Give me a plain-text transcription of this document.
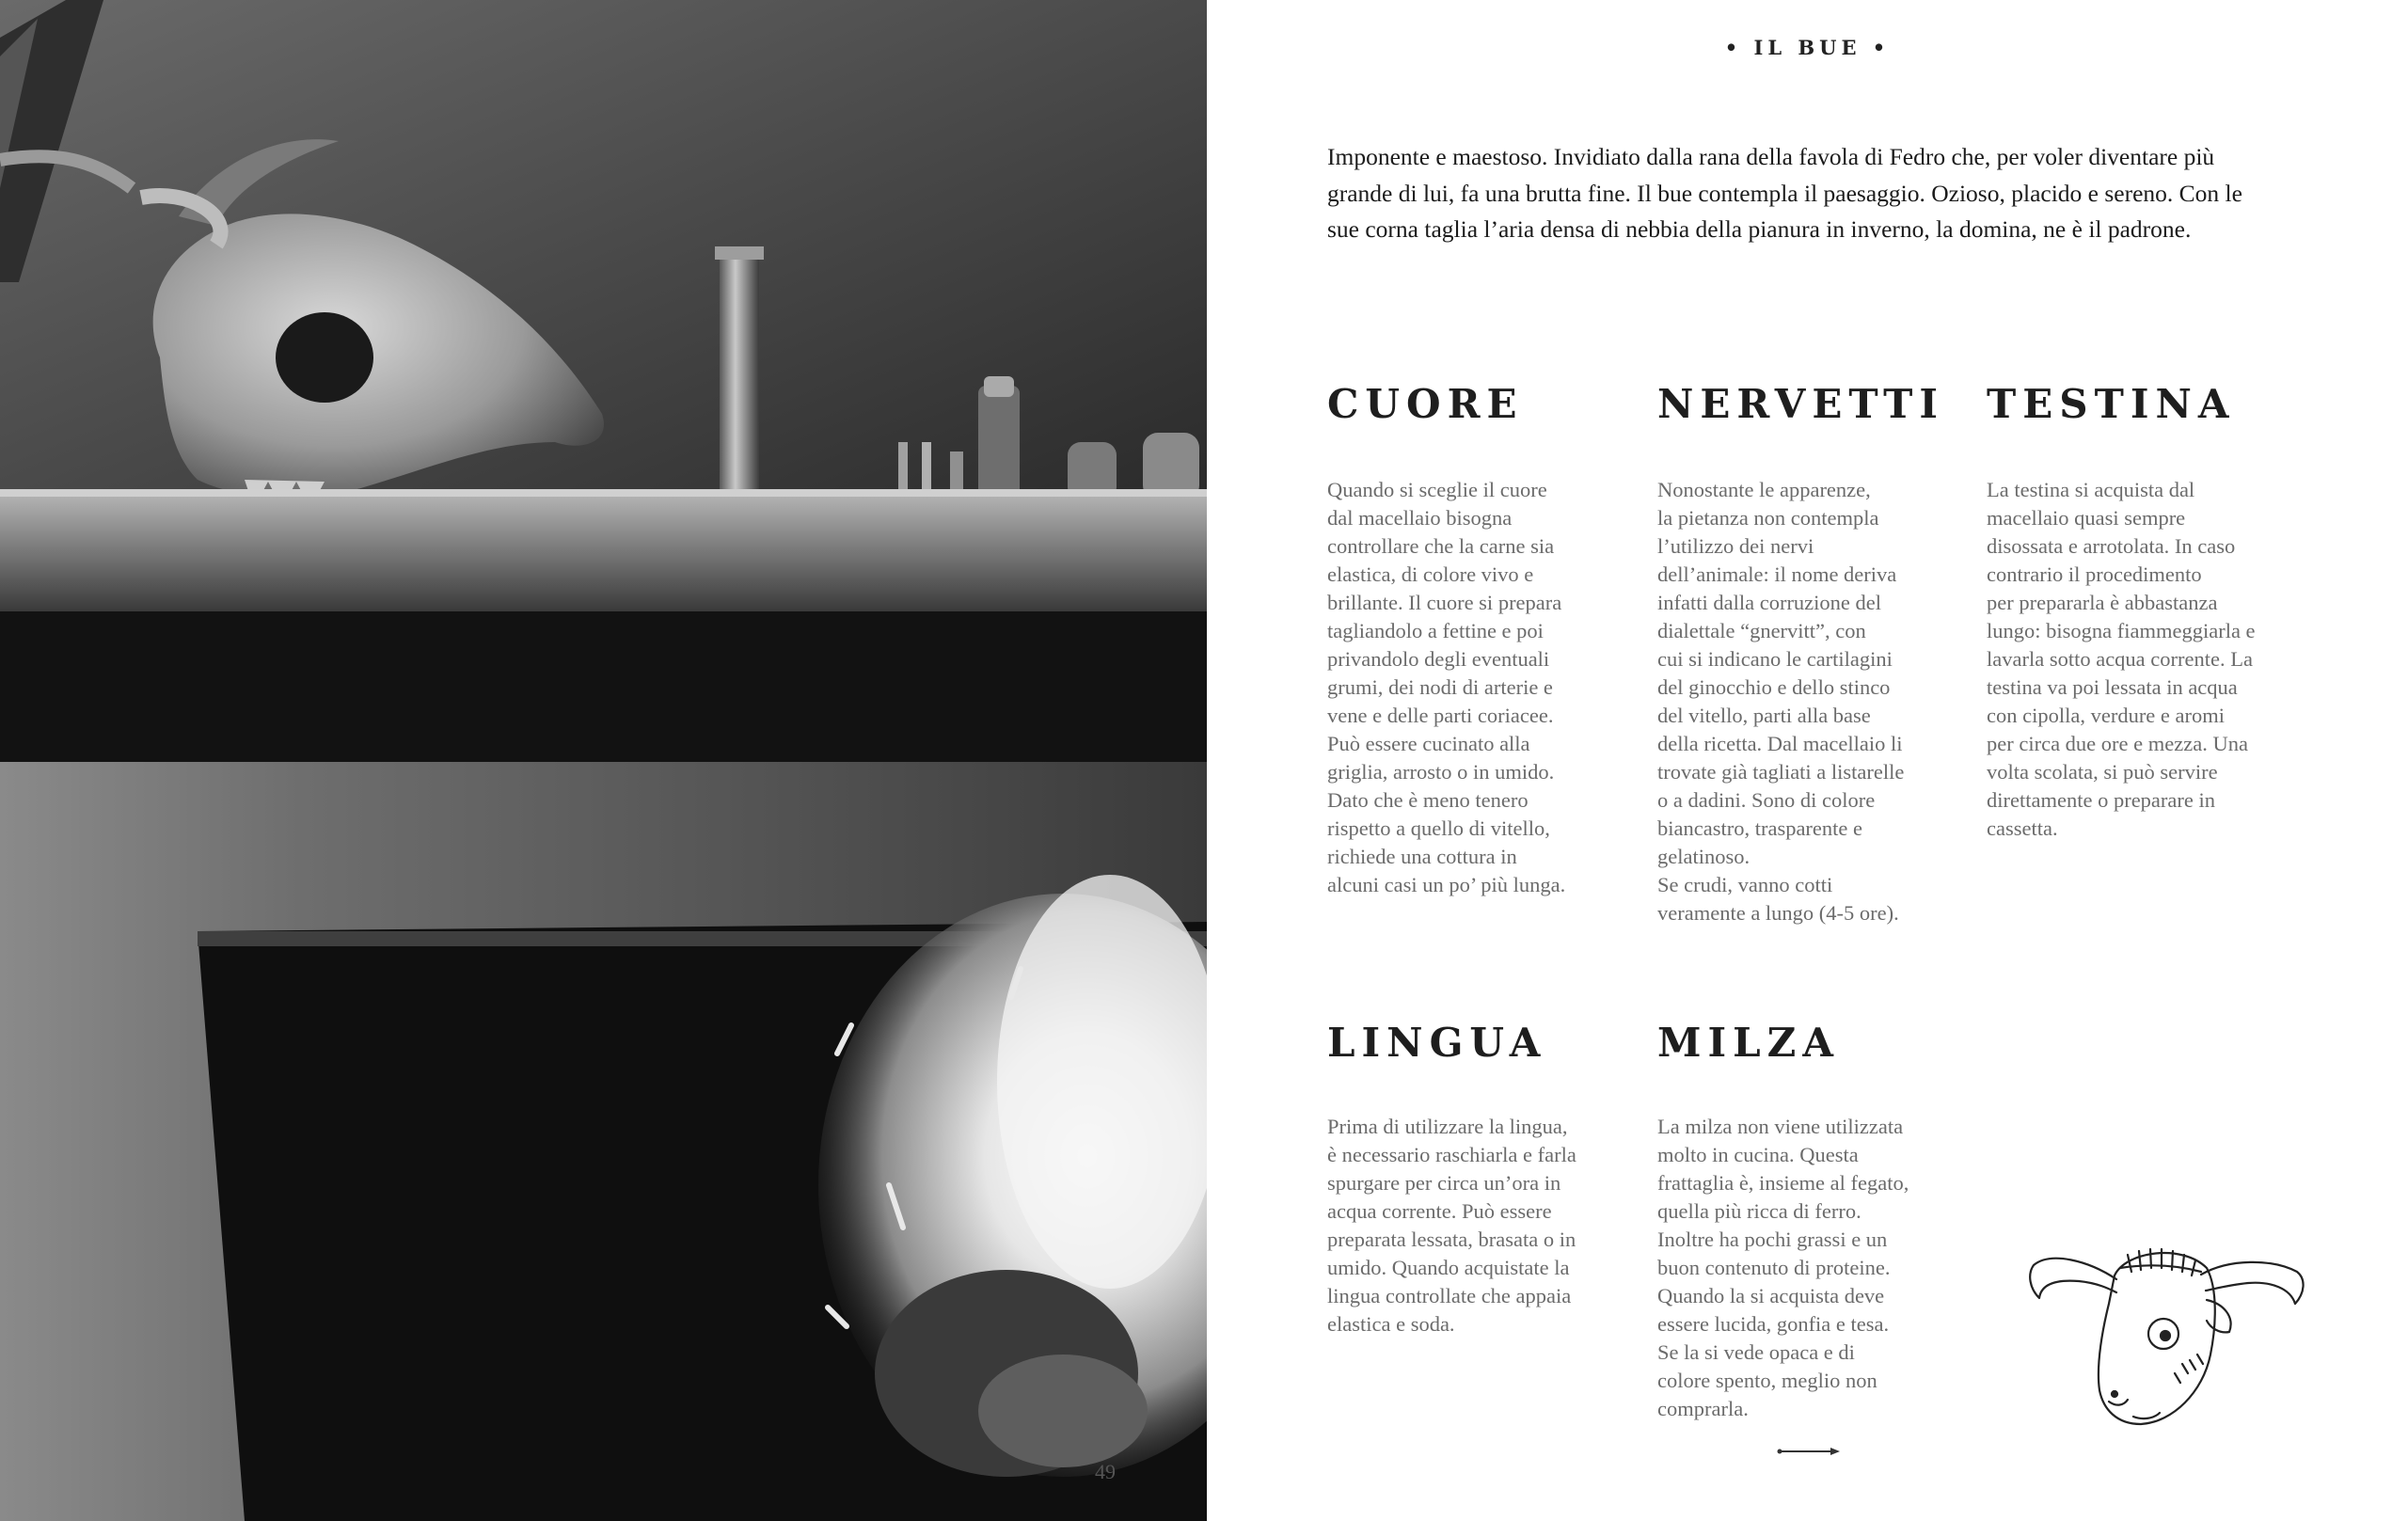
• IL BUE •

Imponente e maestoso. Invidiato dalla rana della favola di Fedro che, per voler diventare più grande di lui, fa una brutta fine. Il bue contempla il paesaggio. Ozioso, placido e sereno. Con le sue corna taglia l’aria densa di nebbia della pianura in inverno, la domina, ne è il padrone.

CUORE
Quando si sceglie il cuore
dal macellaio bisogna
controllare che la carne sia
elastica, di colore vivo e
brillante. Il cuore si prepara
tagliandolo a fettine e poi
privandolo degli eventuali
grumi, dei nodi di arterie e
vene e delle parti coriacee.
Può essere cucinato alla
griglia, arrosto o in umido.
Dato che è meno tenero
rispetto a quello di vitello,
richiede una cottura in
alcuni casi un po’ più lunga.
NERVETTI
Nonostante le apparenze,
la pietanza non contempla
l’utilizzo dei nervi
dell’animale: il nome deriva
infatti dalla corruzione del
dialettale “gnervitt”, con
cui si indicano le cartilagini
del ginocchio e dello stinco
del vitello, parti alla base
della ricetta. Dal macellaio li
trovate già tagliati a listarelle
o a dadini. Sono di colore
biancastro, trasparente e
gelatinoso.
Se crudi, vanno cotti
veramente a lungo (4-5 ore).
TESTINA
La testina si acquista dal
macellaio quasi sempre
disossata e arrotolata. In caso
contrario il procedimento
per prepararla è abbastanza
lungo: bisogna fiammeggiarla e
lavarla sotto acqua corrente. La
testina va poi lessata in acqua
con cipolla, verdure e aromi
per circa due ore e mezza. Una
volta scolata, si può servire
direttamente o preparare in
cassetta.
LINGUA
Prima di utilizzare la lingua,
è necessario raschiarla e farla
spurgare per circa un’ora in
acqua corrente. Può essere
preparata lessata, brasata o in
umido. Quando acquistate la
lingua controllate che appaia
elastica e soda.
MILZA
La milza non viene utilizzata
molto in cucina. Questa
frattaglia è, insieme al fegato,
quella più ricca di ferro.
Inoltre ha pochi grassi e un
buon contenuto di proteine.
Quando la si acquista deve
essere lucida, gonfia e tesa.
Se la si vede opaca e di
colore spento, meglio non
comprarla.
49
